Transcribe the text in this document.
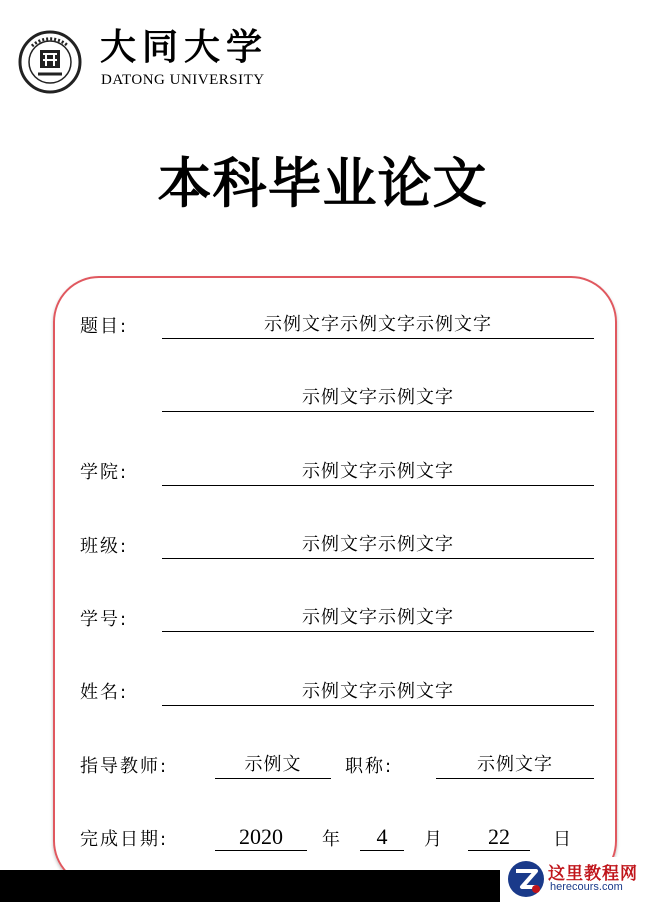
大同大学
DATONG UNIVERSITY
本科毕业论文
题目:	示例文字示例文字示例文字
示例文字示例文字
学院:	示例文字示例文字
班级:	示例文字示例文字
学号:	示例文字示例文字
姓名:	示例文字示例文字
指导教师:	示例文	职称:	示例文字
完成日期:	2020	年	4	月	22	日
这里教程网
herecours.com
